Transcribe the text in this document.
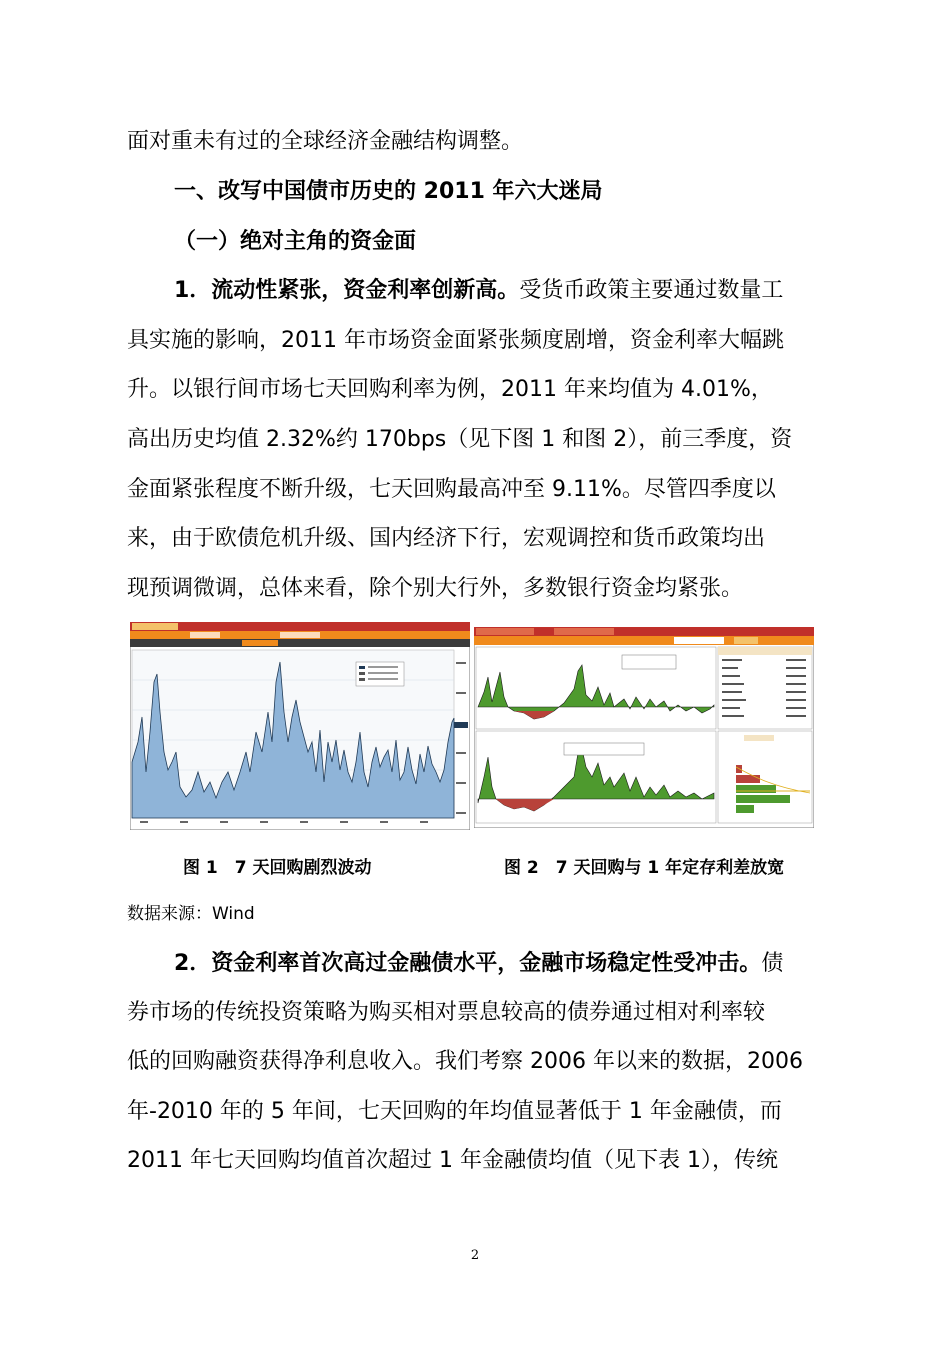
面对重未有过的全球经济金融结构调整。
一、改写中国债市历史的 2011 年六大迷局
（一）绝对主角的资金面
1．流动性紧张，资金利率创新高。受货币政策主要通过数量工
具实施的影响，2011 年市场资金面紧张频度剧增，资金利率大幅跳
升。以银行间市场七天回购利率为例，2011 年来均值为 4.01%，
高出历史均值 2.32%约 170bps（见下图 1 和图 2），前三季度，资
金面紧张程度不断升级，七天回购最高冲至 9.11%。尽管四季度以
来，由于欧债危机升级、国内经济下行，宏观调控和货币政策均出
现预调微调，总体来看，除个别大行外，多数银行资金均紧张。
图 1　7 天回购剧烈波动	图 2　7 天回购与 1 年定存利差放宽
数据来源：Wind
2．资金利率首次高过金融债水平，金融市场稳定性受冲击。债
券市场的传统投资策略为购买相对票息较高的债券通过相对利率较
低的回购融资获得净利息收入。我们考察 2006 年以来的数据，2006
年-2010 年的 5 年间，七天回购的年均值显著低于 1 年金融债，而
2011 年七天回购均值首次超过 1 年金融债均值（见下表 1），传统
2
